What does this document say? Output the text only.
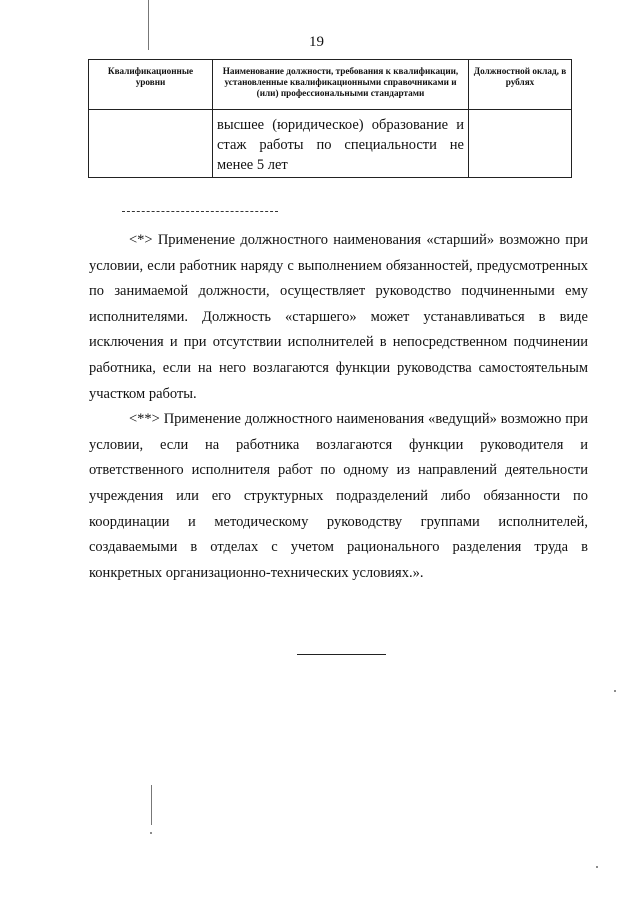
19
Квалификационные уровни	Наименование должности, требования к квалификации, установленные квалификационными справочниками и (или) профессиональными стандартами	Должностной оклад, в рублях
	высшее (юридическое) образование и стаж работы по специальности не менее 5 лет	

<*> Применение должностного наименования «старший» возможно при условии, если работник наряду с выполнением обязанностей, предусмотренных по занимаемой должности, осуществляет руководство подчиненными ему исполнителями. Должность «старшего» может устанавливаться в виде исключения и при отсутствии исполнителей в непосредственном подчинении работника, если на него возлагаются функции руководства самостоятельным участком работы.

<**> Применение должностного наименования «ведущий» возможно при условии, если на работника возлагаются функции руководителя и ответственного исполнителя работ по одному из направлений деятельности учреждения или его структурных подразделений либо обязанности по координации и методическому руководству группами исполнителей, создаваемыми в отделах с учетом рационального разделения труда в конкретных организационно-технических условиях.».
